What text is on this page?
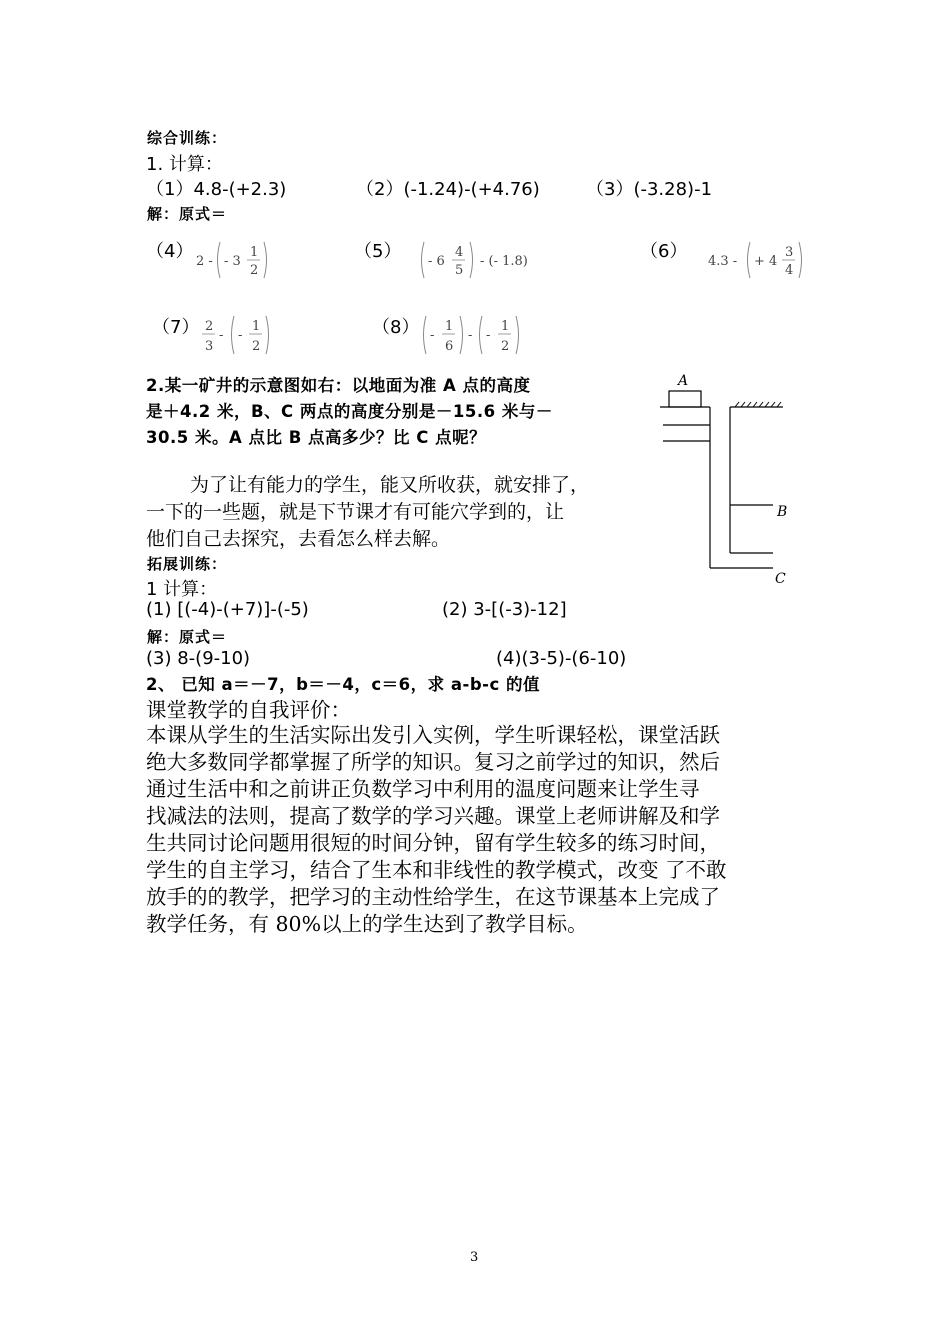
综合训练：
1. 计算：
（1）4.8-(+2.3)	（2）(-1.24)-(+4.76)	（3）(-3.28)-1
解：原式＝
（4） 2 - - 3
1
2
（5） - 6
4
5
- (- 1.8)	（6） 4.3 - + 4
3
4
（7） 2
3
- -
1
2
（8） -
1
6
- -
1
2
2.某一矿井的示意图如右：以地面为准 A 点的高度
是＋4.2 米，B、C 两点的高度分别是－15.6 米与－
30.5 米。A 点比 B 点高多少？比 C 点呢？
A
B
C
为了让有能力的学生，能又所收获，就安排了，
一下的一些题，就是下节课才有可能穴学到的，让
他们自己去探究，去看怎么样去解。
拓展训练：
1 计算：
(1) [(-4)-(+7)]-(-5)	(2) 3-[(-3)-12]
解：原式＝
(3) 8-(9-10)	(4)(3-5)-(6-10)
2、 已知 a＝－7，b＝－4，c＝6，求 a-b-c 的值
课堂教学的自我评价：
本课从学生的生活实际出发引入实例，学生听课轻松，课堂活跃
绝大多数同学都掌握了所学的知识。复习之前学过的知识，然后
通过生活中和之前讲正负数学习中利用的温度问题来让学生寻
找减法的法则，提高了数学的学习兴趣。课堂上老师讲解及和学
生共同讨论问题用很短的时间分钟，留有学生较多的练习时间，
学生的自主学习，结合了生本和非线性的教学模式，改变 了不敢
放手的的教学，把学习的主动性给学生，在这节课基本上完成了
教学任务，有 80%以上的学生达到了教学目标。
3
